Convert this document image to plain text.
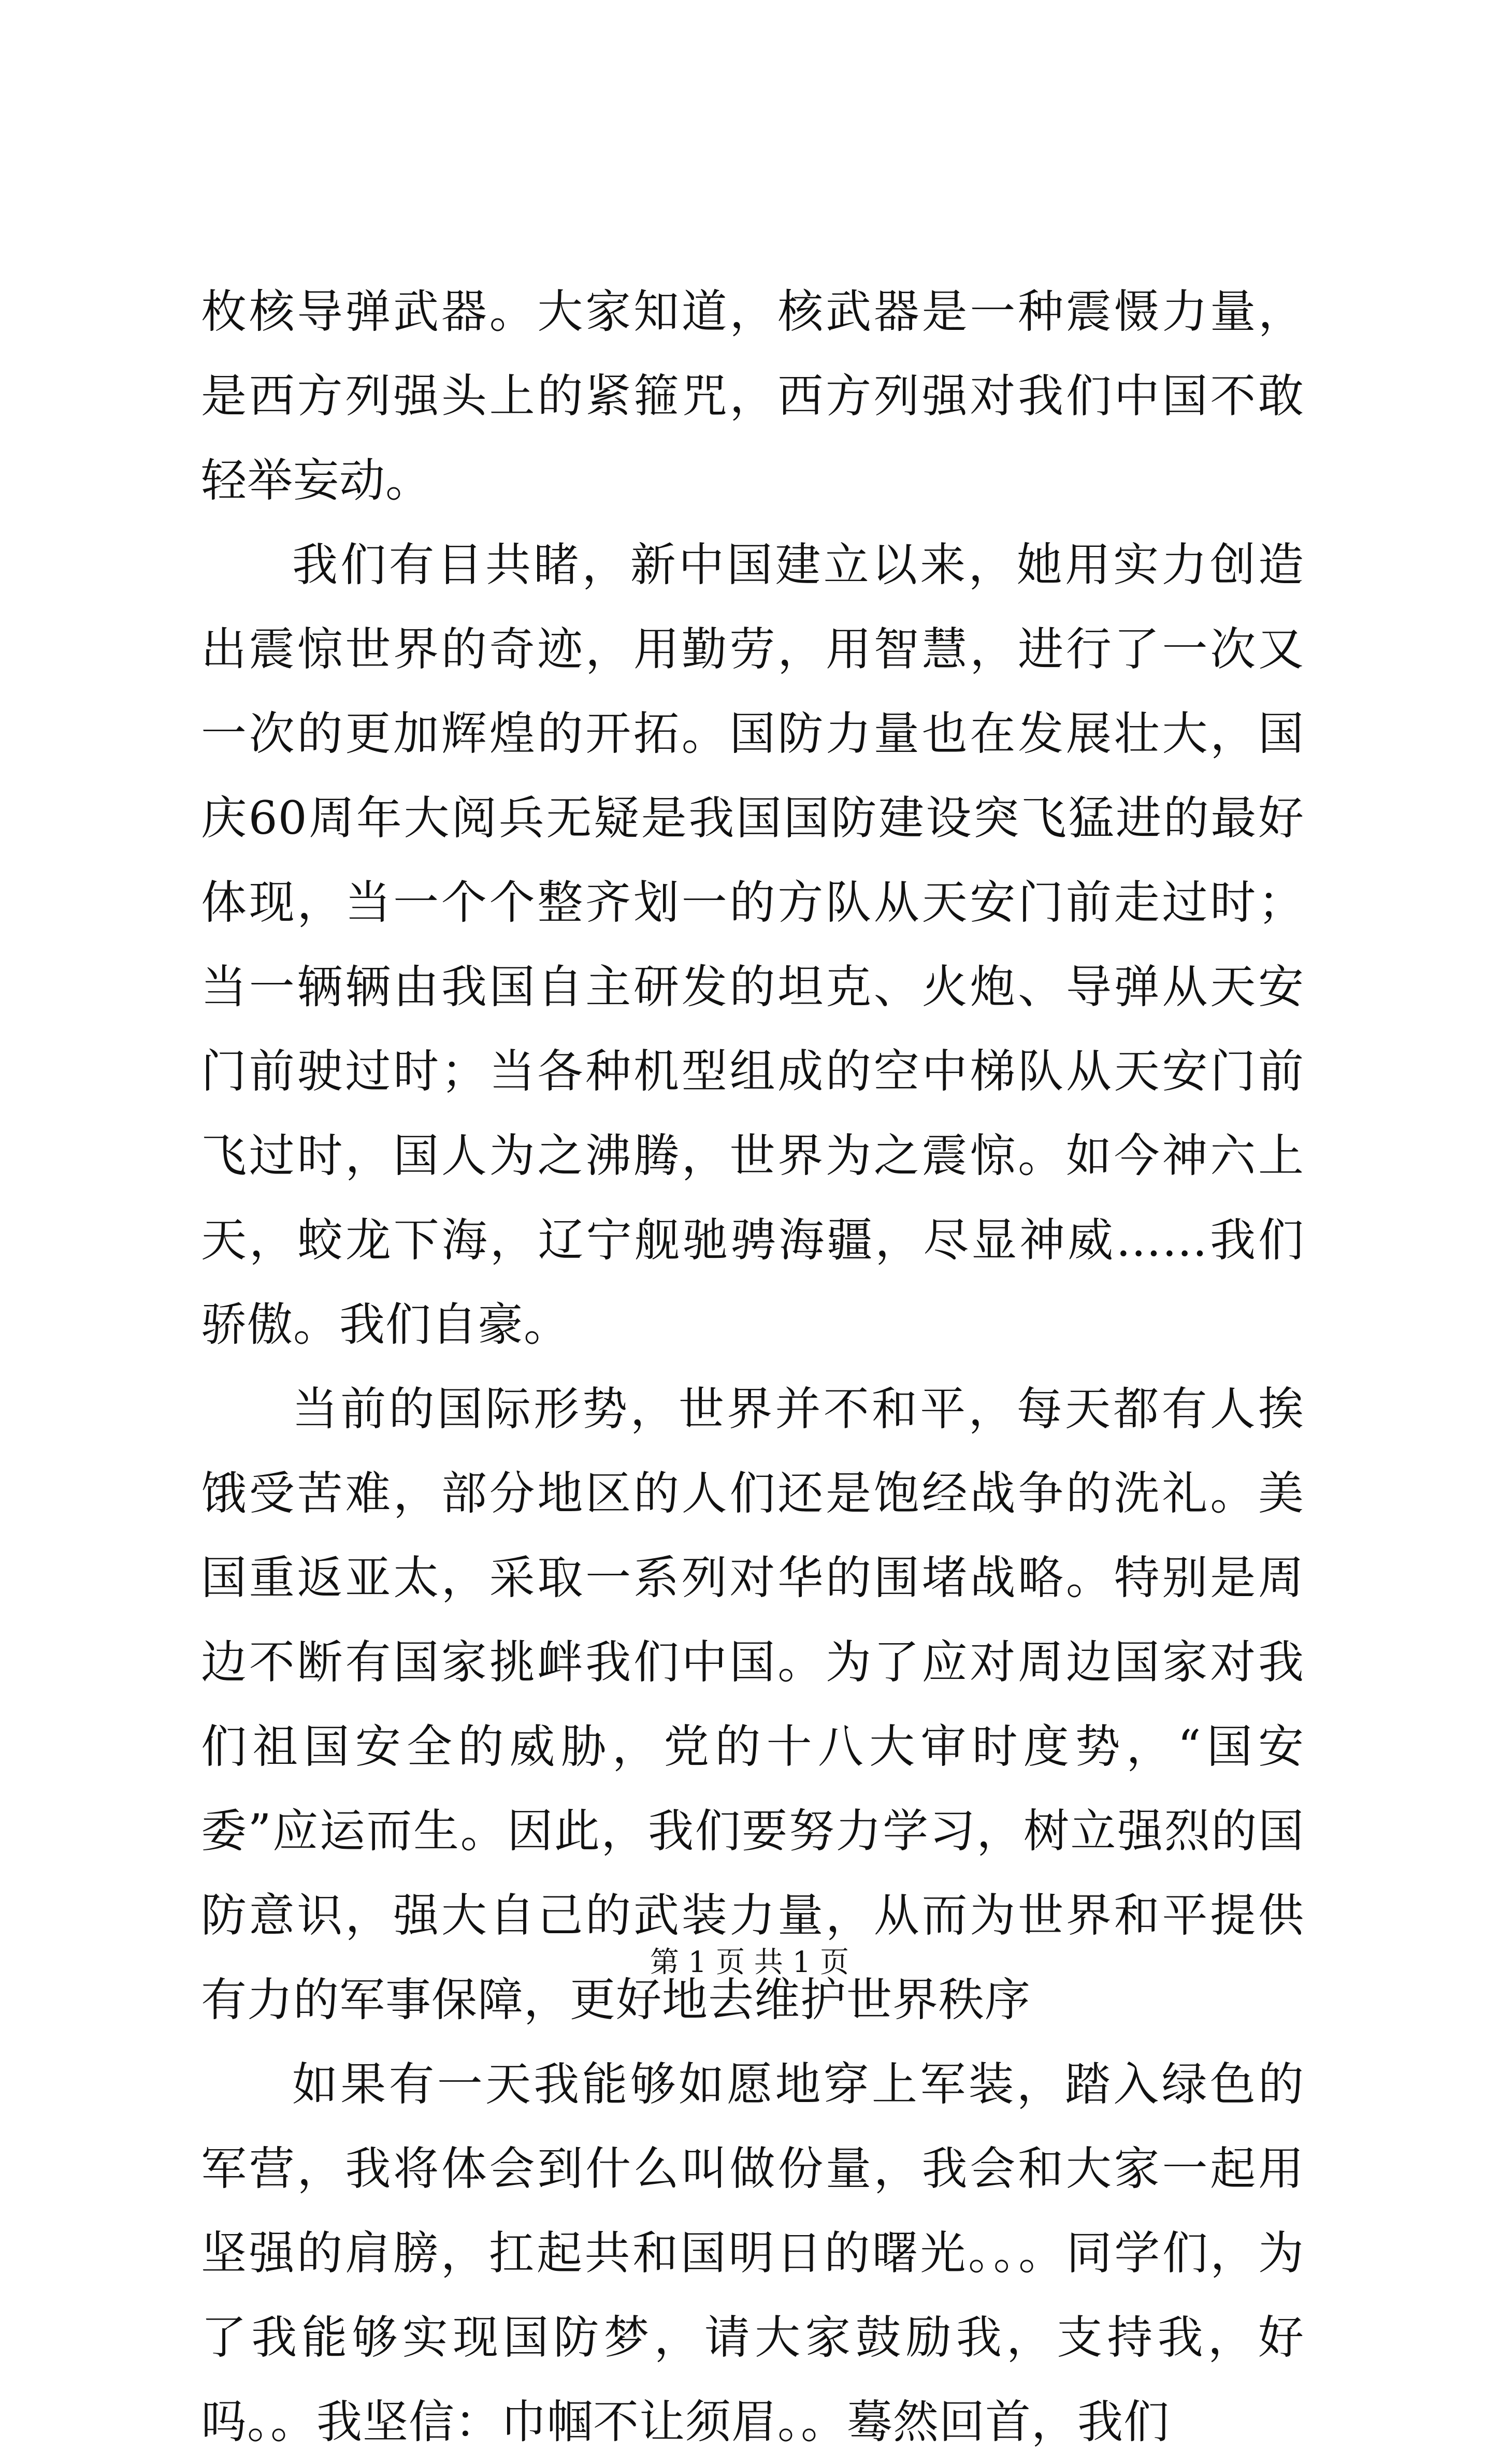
枚核导弹武器。大家知道，核武器是一种震慑力量，是西方列强头上的紧箍咒，西方列强对我们中国不敢轻举妄动。

我们有目共睹，新中国建立以来，她用实力创造出震惊世界的奇迹，用勤劳，用智慧，进行了一次又一次的更加辉煌的开拓。国防力量也在发展壮大，国庆60周年大阅兵无疑是我国国防建设突飞猛进的最好体现，当一个个整齐划一的方队从天安门前走过时；当一辆辆由我国自主研发的坦克、火炮、导弹从天安门前驶过时；当各种机型组成的空中梯队从天安门前飞过时，国人为之沸腾，世界为之震惊。如今神六上天，蛟龙下海，辽宁舰驰骋海疆，尽显神威……我们骄傲。我们自豪。

当前的国际形势，世界并不和平，每天都有人挨饿受苦难，部分地区的人们还是饱经战争的洗礼。美国重返亚太，采取一系列对华的围堵战略。特别是周边不断有国家挑衅我们中国。为了应对周边国家对我们祖国安全的威胁，党的十八大审时度势，“国安委”应运而生。因此，我们要努力学习，树立强烈的国防意识，强大自己的武装力量，从而为世界和平提供有力的军事保障，更好地去维护世界秩序

如果有一天我能够如愿地穿上军装，踏入绿色的军营，我将体会到什么叫做份量，我会和大家一起用坚强的肩膀，扛起共和国明日的曙光。。。同学们，为了我能够实现国防梦，请大家鼓励我，支持我，好吗。。我坚信：巾帼不让须眉。。蓦然回首，我们

第 1 页 共 1 页
